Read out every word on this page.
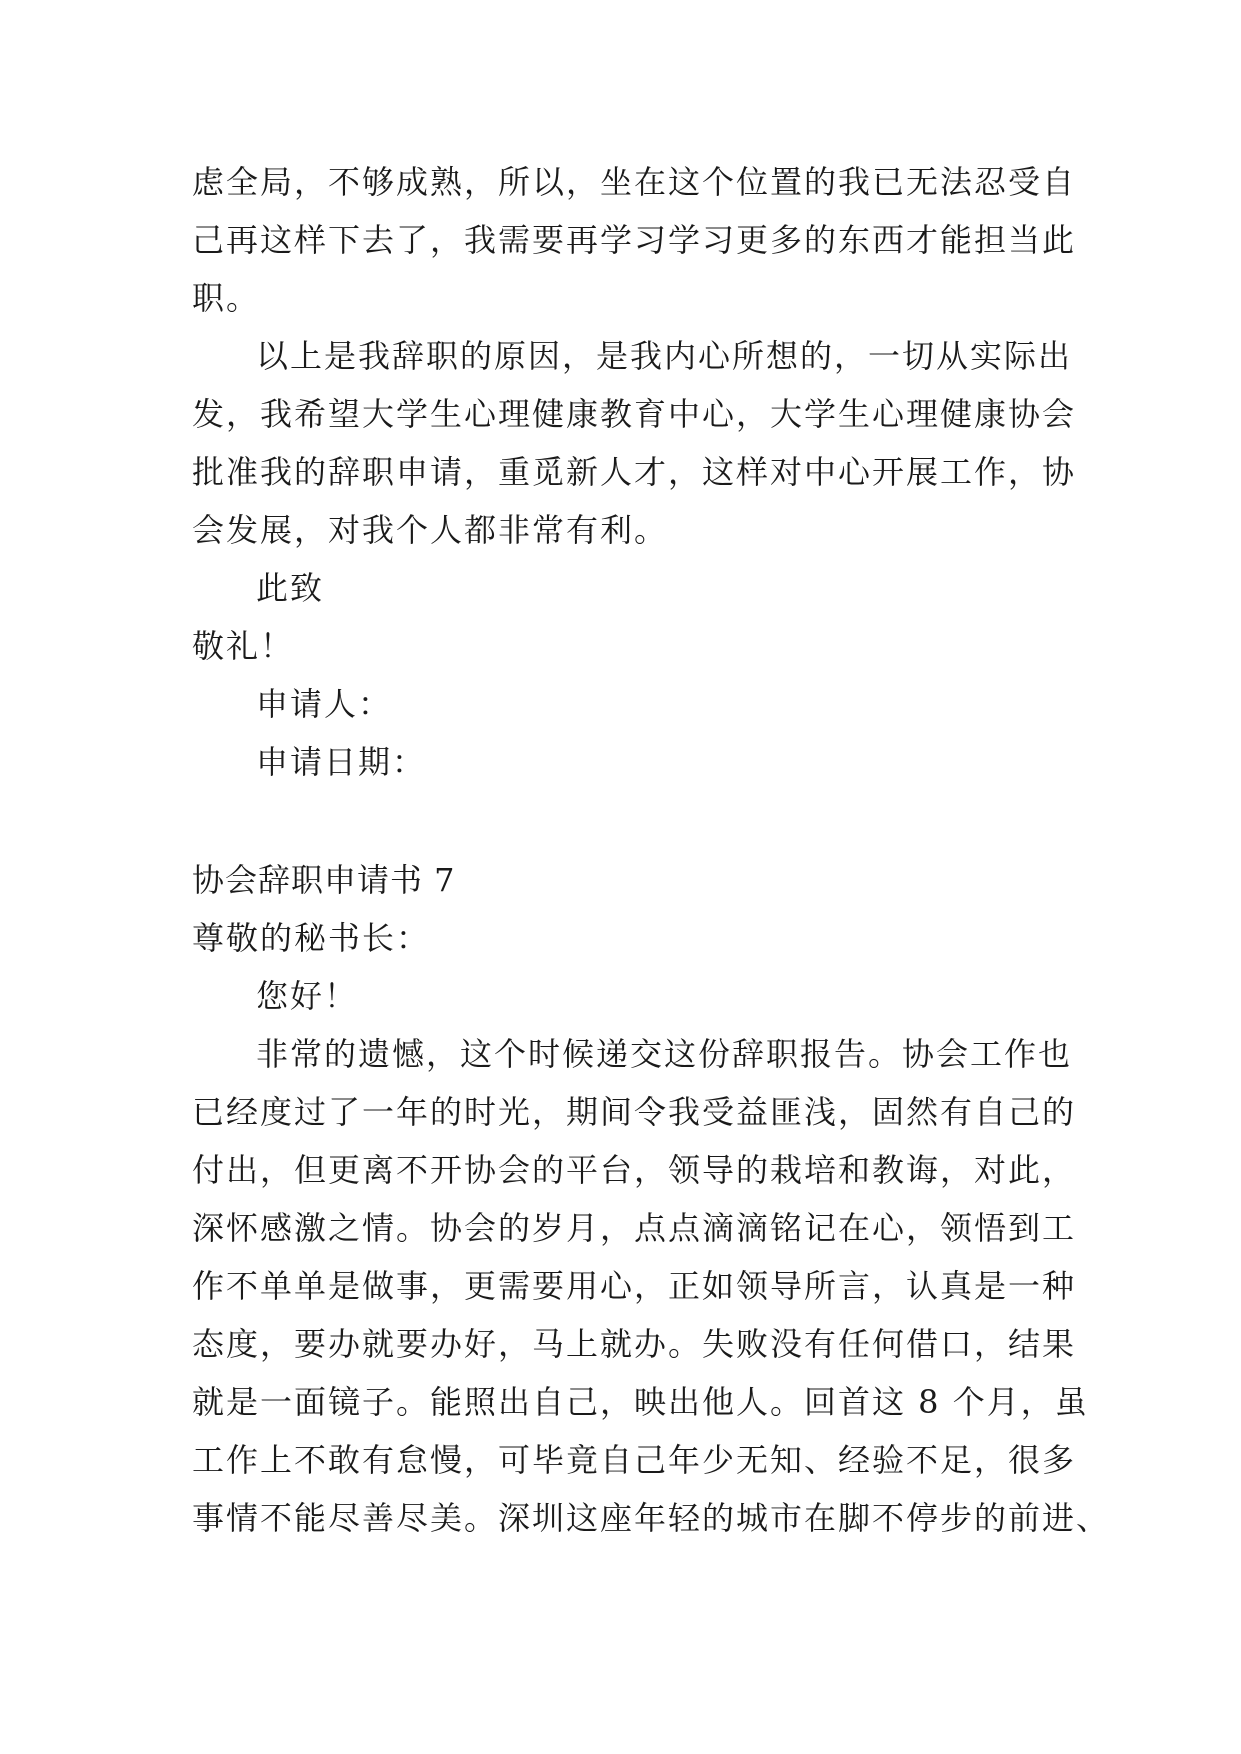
虑全局，不够成熟，所以，坐在这个位置的我已无法忍受自
己再这样下去了，我需要再学习学习更多的东西才能担当此
职。
以上是我辞职的原因，是我内心所想的，一切从实际出
发，我希望大学生心理健康教育中心，大学生心理健康协会
批准我的辞职申请，重觅新人才，这样对中心开展工作，协
会发展，对我个人都非常有利。
此致
敬礼！
申请人：
申请日期：
协会辞职申请书 7
尊敬的秘书长：
您好！
非常的遗憾，这个时候递交这份辞职报告。协会工作也
已经度过了一年的时光，期间令我受益匪浅，固然有自己的
付出，但更离不开协会的平台，领导的栽培和教诲，对此，
深怀感激之情。协会的岁月，点点滴滴铭记在心，领悟到工
作不单单是做事，更需要用心，正如领导所言，认真是一种
态度，要办就要办好，马上就办。失败没有任何借口，结果
就是一面镜子。能照出自己，映出他人。回首这 8 个月，虽
工作上不敢有怠慢，可毕竟自己年少无知、经验不足，很多
事情不能尽善尽美。深圳这座年轻的城市在脚不停步的前进、
